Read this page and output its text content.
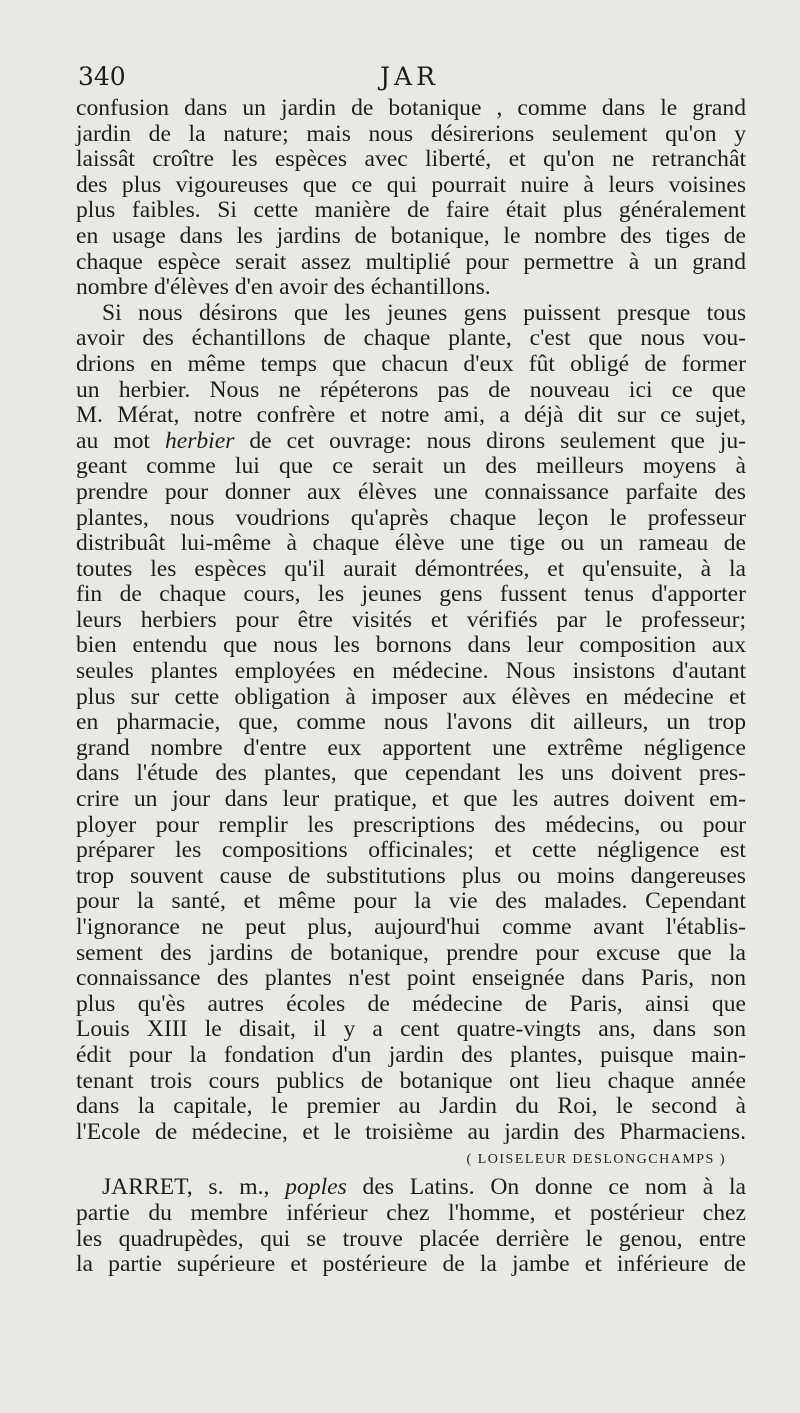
340	JAR

confusion dans un jardin de botanique , comme dans le grand
jardin de la nature; mais nous désirerions seulement qu'on y
laissât croître les espèces avec liberté, et qu'on ne retranchât
des plus vigoureuses que ce qui pourrait nuire à leurs voisines
plus faibles. Si cette manière de faire était plus généralement
en usage dans les jardins de botanique, le nombre des tiges de
chaque espèce serait assez multiplié pour permettre à un grand
nombre d'élèves d'en avoir des échantillons.

Si nous désirons que les jeunes gens puissent presque tous
avoir des échantillons de chaque plante, c'est que nous vou-
drions en même temps que chacun d'eux fût obligé de former
un herbier. Nous ne répéterons pas de nouveau ici ce que
M. Mérat, notre confrère et notre ami, a déjà dit sur ce sujet,
au mot herbier de cet ouvrage: nous dirons seulement que ju-
geant comme lui que ce serait un des meilleurs moyens à
prendre pour donner aux élèves une connaissance parfaite des
plantes, nous voudrions qu'après chaque leçon le professeur
distribuât lui-même à chaque élève une tige ou un rameau de
toutes les espèces qu'il aurait démontrées, et qu'ensuite, à la
fin de chaque cours, les jeunes gens fussent tenus d'apporter
leurs herbiers pour être visités et vérifiés par le professeur;
bien entendu que nous les bornons dans leur composition aux
seules plantes employées en médecine. Nous insistons d'autant
plus sur cette obligation à imposer aux élèves en médecine et
en pharmacie, que, comme nous l'avons dit ailleurs, un trop
grand nombre d'entre eux apportent une extrême négligence
dans l'étude des plantes, que cependant les uns doivent pres-
crire un jour dans leur pratique, et que les autres doivent em-
ployer pour remplir les prescriptions des médecins, ou pour
préparer les compositions officinales; et cette négligence est
trop souvent cause de substitutions plus ou moins dangereuses
pour la santé, et même pour la vie des malades. Cependant
l'ignorance ne peut plus, aujourd'hui comme avant l'établis-
sement des jardins de botanique, prendre pour excuse que la
connaissance des plantes n'est point enseignée dans Paris, non
plus qu'ès autres écoles de médecine de Paris, ainsi que
Louis XIII le disait, il y a cent quatre-vingts ans, dans son
édit pour la fondation d'un jardin des plantes, puisque main-
tenant trois cours publics de botanique ont lieu chaque année
dans la capitale, le premier au Jardin du Roi, le second à
l'Ecole de médecine, et le troisième au jardin des Pharmaciens.

( LOISELEUR DESLONGCHAMPS )

JARRET, s. m., poples des Latins. On donne ce nom à la
partie du membre inférieur chez l'homme, et postérieur chez
les quadrupèdes, qui se trouve placée derrière le genou, entre
la partie supérieure et postérieure de la jambe et inférieure de
